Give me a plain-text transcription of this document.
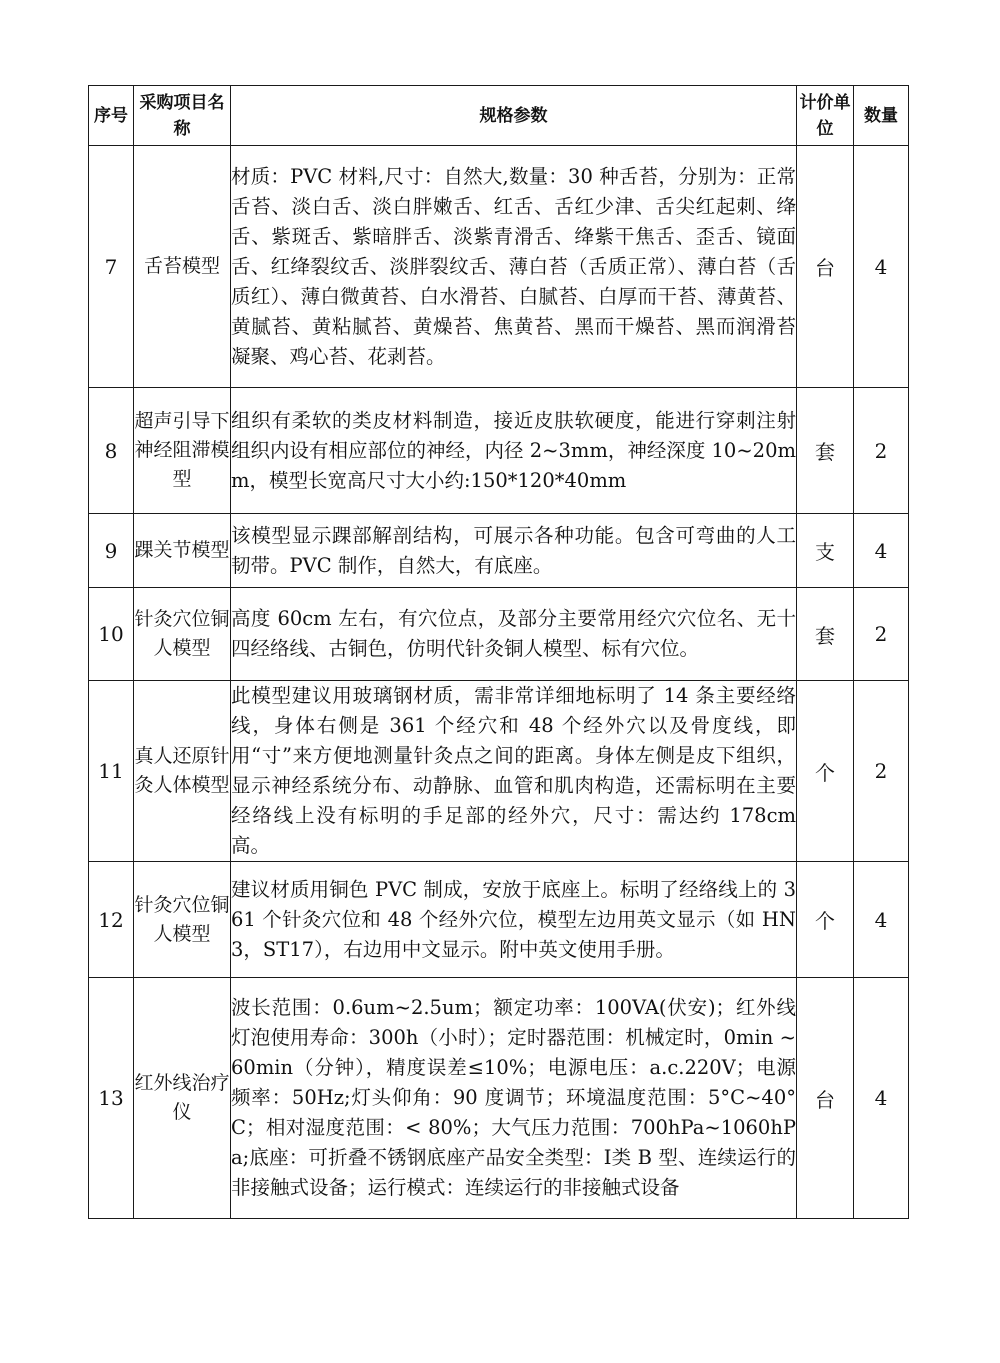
序号	采购项目名称	规格参数	计价单位	数量
7	舌苔模型	材质：PVC 材料,尺寸：自然大,数量：30 种舌苔，分别为：正常舌苔、淡白舌、淡白胖嫩舌、红舌、舌红少津、舌尖红起刺、绛舌、紫斑舌、紫暗胖舌、淡紫青滑舌、绛紫干焦舌、歪舌、镜面舌、红绛裂纹舌、淡胖裂纹舌、薄白苔（舌质正常）、薄白苔（舌质红）、薄白微黄苔、白水滑苔、白腻苔、白厚而干苔、薄黄苔、黄腻苔、黄粘腻苔、黄燥苔、焦黄苔、黑而干燥苔、黑而润滑苔凝聚、鸡心苔、花剥苔。	台	4
8	超声引导下神经阻滞模型	组织有柔软的类皮材料制造，接近皮肤软硬度，能进行穿刺注射组织内设有相应部位的神经，内径 2~3mm，神经深度 10~20mm，模型长宽高尺寸大小约:150*120*40mm	套	2
9	踝关节模型	该模型显示踝部解剖结构，可展示各种功能。包含可弯曲的人工韧带。PVC 制作，自然大，有底座。	支	4
10	针灸穴位铜人模型	高度 60cm 左右，有穴位点，及部分主要常用经穴穴位名、无十四经络线、古铜色，仿明代针灸铜人模型、标有穴位。	套	2
11	真人还原针灸人体模型	此模型建议用玻璃钢材质，需非常详细地标明了 14 条主要经络线，身体右侧是 361 个经穴和 48 个经外穴以及骨度线，即用“寸”来方便地测量针灸点之间的距离。身体左侧是皮下组织，显示神经系统分布、动静脉、血管和肌肉构造，还需标明在主要经络线上没有标明的手足部的经外穴，尺寸：需达约 178cm 高。	个	2
12	针灸穴位铜人模型	建议材质用铜色 PVC 制成，安放于底座上。标明了经络线上的 361 个针灸穴位和 48 个经外穴位，模型左边用英文显示（如 HN3，ST17），右边用中文显示。附中英文使用手册。	个	4
13	红外线治疗仪	波长范围：0.6um~2.5um；额定功率：100VA(伏安)；红外线灯泡使用寿命：300h（小时）；定时器范围：机械定时，0min ~60min（分钟），精度误差≤10%；电源电压：a.c.220V；电源频率：50Hz;灯头仰角：90 度调节；环境温度范围：5°C~40°C；相对湿度范围：< 80%；大气压力范围：700hPa~1060hPa;底座：可折叠不锈钢底座产品安全类型：I类 B 型、连续运行的非接触式设备；运行模式：连续运行的非接触式设备	台	4
